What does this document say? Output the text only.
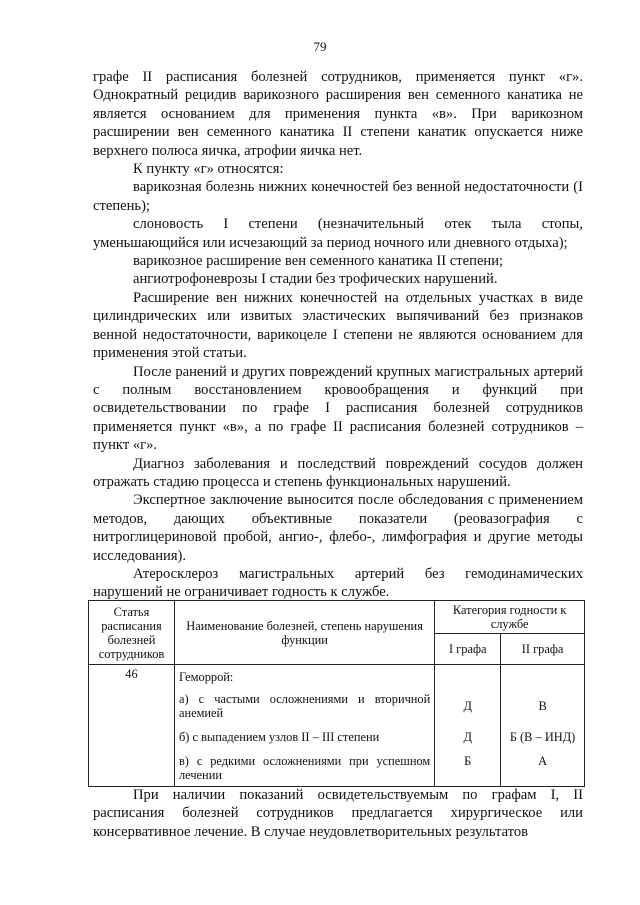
79

графе II расписания болезней сотрудников, применяется пункт «г». Однократный рецидив варикозного расширения вен семенного канатика не является основанием для применения пункта «в». При варикозном расширении вен семенного канатика II степени канатик опускается ниже верхнего полюса яичка, атрофии яичка нет.

К пункту «г» относятся:

варикозная болезнь нижних конечностей без венной недостаточности (I степень);

слоновость I степени (незначительный отек тыла стопы, уменьшающийся или исчезающий за период ночного или дневного отдыха);

варикозное расширение вен семенного канатика II степени;

ангиотрофоневрозы I стадии без трофических нарушений.

Расширение вен нижних конечностей на отдельных участках в виде цилиндрических или извитых эластических выпячиваний без признаков венной недостаточности, варикоцеле I степени не являются основанием для применения этой статьи.

После ранений и других повреждений крупных магистральных артерий с полным восстановлением кровообращения и функций при освидетельствовании по графе I расписания болезней сотрудников применяется пункт «в», а по графе II расписания болезней сотрудников – пункт «г».

Диагноз заболевания и последствий повреждений сосудов должен отражать стадию процесса и степень функциональных нарушений.

Экспертное заключение выносится после обследования с применением методов, дающих объективные показатели (реовазография с нитроглицериновой пробой, ангио-, флебо-, лимфография и другие методы исследования).

Атеросклероз магистральных артерий без гемодинамических нарушений не ограничивает годность к службе.

Статья расписания болезней сотрудников	Наименование болезней, степень нарушения функции	Категория годности к службе	
		I графа	II графа
46	Геморрой:		
	а) с частыми осложнениями и вторичной анемией	Д	В
	б) с выпадением узлов II – III степени	Д	Б (В – ИНД)
	в) с редкими осложнениями при успешном лечении	Б	А

При наличии показаний освидетельствуемым по графам I, II расписания болезней сотрудников предлагается хирургическое или консервативное лечение. В случае неудовлетворительных результатов
